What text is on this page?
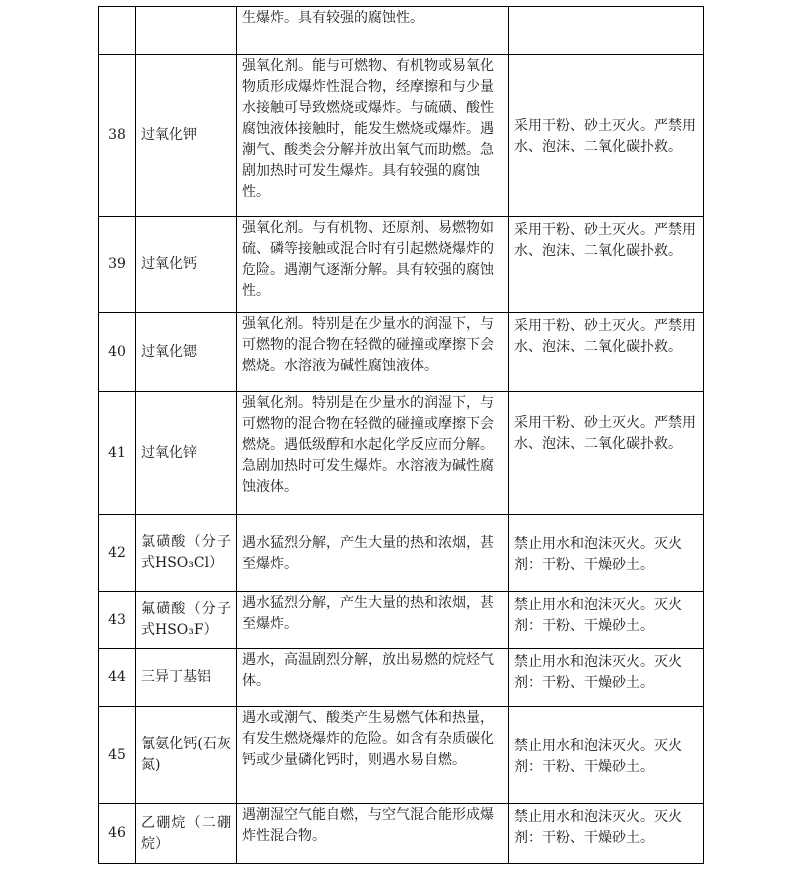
		生爆炸。具有较强的腐蚀性。	
38	过氧化钾	强氧化剂。能与可燃物、有机物或易氧化物质形成爆炸性混合物，经摩擦和与少量水接触可导致燃烧或爆炸。与硫磺、酸性腐蚀液体接触时，能发生燃烧或爆炸。遇潮气、酸类会分解并放出氧气而助燃。急剧加热时可发生爆炸。具有较强的腐蚀性。	采用干粉、砂土灭火。严禁用水、泡沫、二氧化碳扑救。
39	过氧化钙	强氧化剂。与有机物、还原剂、易燃物如硫、磷等接触或混合时有引起燃烧爆炸的危险。遇潮气逐渐分解。具有较强的腐蚀性。	采用干粉、砂土灭火。严禁用水、泡沫、二氧化碳扑救。
40	过氧化锶	强氧化剂。特别是在少量水的润湿下，与可燃物的混合物在轻微的碰撞或摩擦下会燃烧。水溶液为碱性腐蚀液体。	采用干粉、砂土灭火。严禁用水、泡沫、二氧化碳扑救。
41	过氧化锌	强氧化剂。特别是在少量水的润湿下，与可燃物的混合物在轻微的碰撞或摩擦下会燃烧。遇低级醇和水起化学反应而分解。急剧加热时可发生爆炸。水溶液为碱性腐蚀液体。	采用干粉、砂土灭火。严禁用水、泡沫、二氧化碳扑救。
42	氯磺酸（分子式HSO₃Cl）	遇水猛烈分解，产生大量的热和浓烟，甚至爆炸。	禁止用水和泡沫灭火。灭火剂：干粉、干燥砂土。
43	氟磺酸（分子式HSO₃F）	遇水猛烈分解，产生大量的热和浓烟，甚至爆炸。	禁止用水和泡沫灭火。灭火剂：干粉、干燥砂土。
44	三异丁基铝	遇水，高温剧烈分解，放出易燃的烷烃气体。	禁止用水和泡沫灭火。灭火剂：干粉、干燥砂土。
45	氰氨化钙(石灰氮)	遇水或潮气、酸类产生易燃气体和热量，有发生燃烧爆炸的危险。如含有杂质碳化钙或少量磷化钙时，则遇水易自燃。	禁止用水和泡沫灭火。灭火剂：干粉、干燥砂土。
46	乙硼烷（二硼烷）	遇潮湿空气能自燃，与空气混合能形成爆炸性混合物。	禁止用水和泡沫灭火。灭火剂：干粉、干燥砂土。
